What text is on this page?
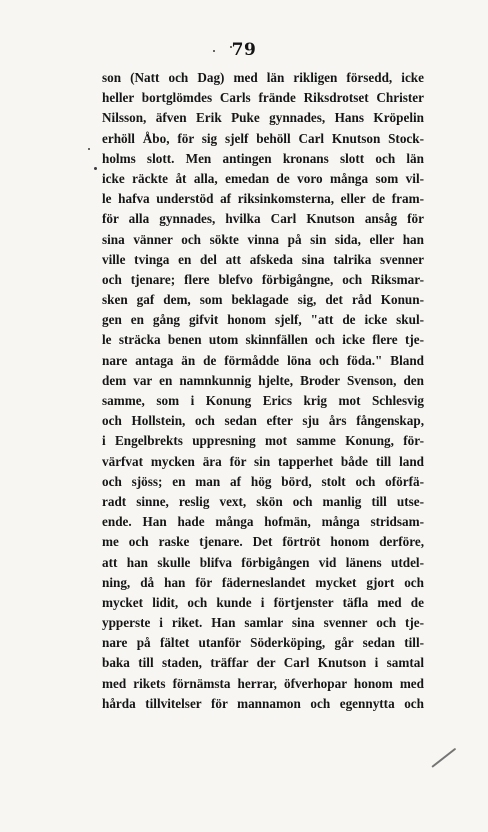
79
son (Natt och Dag) med län rikligen försedd, icke
heller bortglömdes Carls frände Riksdrotset Christer
Nilsson, äfven Erik Puke gynnades, Hans Kröpelin
erhöll Åbo, för sig sjelf behöll Carl Knutson Stock-
holms slott. Men antingen kronans slott och län
icke räckte åt alla, emedan de voro många som vil-
le hafva understöd af riksinkomsterna, eller de fram-
för alla gynnades, hvilka Carl Knutson ansåg för
sina vänner och sökte vinna på sin sida, eller han
ville tvinga en del att afskeda sina talrika svenner
och tjenare; flere blefvo förbigångne, och Riksmar-
sken gaf dem, som beklagade sig, det råd Konun-
gen en gång gifvit honom sjelf, "att de icke skul-
le sträcka benen utom skinnfällen och icke flere tje-
nare antaga än de förmådde löna och föda." Bland
dem var en namnkunnig hjelte, Broder Svenson, den
samme, som i Konung Erics krig mot Schlesvig
och Hollstein, och sedan efter sju års fångenskap,
i Engelbrekts uppresning mot samme Konung, för-
värfvat mycken ära för sin tapperhet både till land
och sjöss; en man af hög börd, stolt och oförfä-
radt sinne, reslig vext, skön och manlig till utse-
ende. Han hade många hofmän, många stridsam-
me och raske tjenare. Det förtröt honom derföre,
att han skulle blifva förbigången vid länens utdel-
ning, då han för fäderneslandet mycket gjort och
mycket lidit, och kunde i förtjenster täfla med de
ypperste i riket. Han samlar sina svenner och tje-
nare på fältet utanför Söderköping, går sedan till-
baka till staden, träffar der Carl Knutson i samtal
med rikets förnämsta herrar, öfverhopar honom med
hårda tillvitelser för mannamon och egennytta och
